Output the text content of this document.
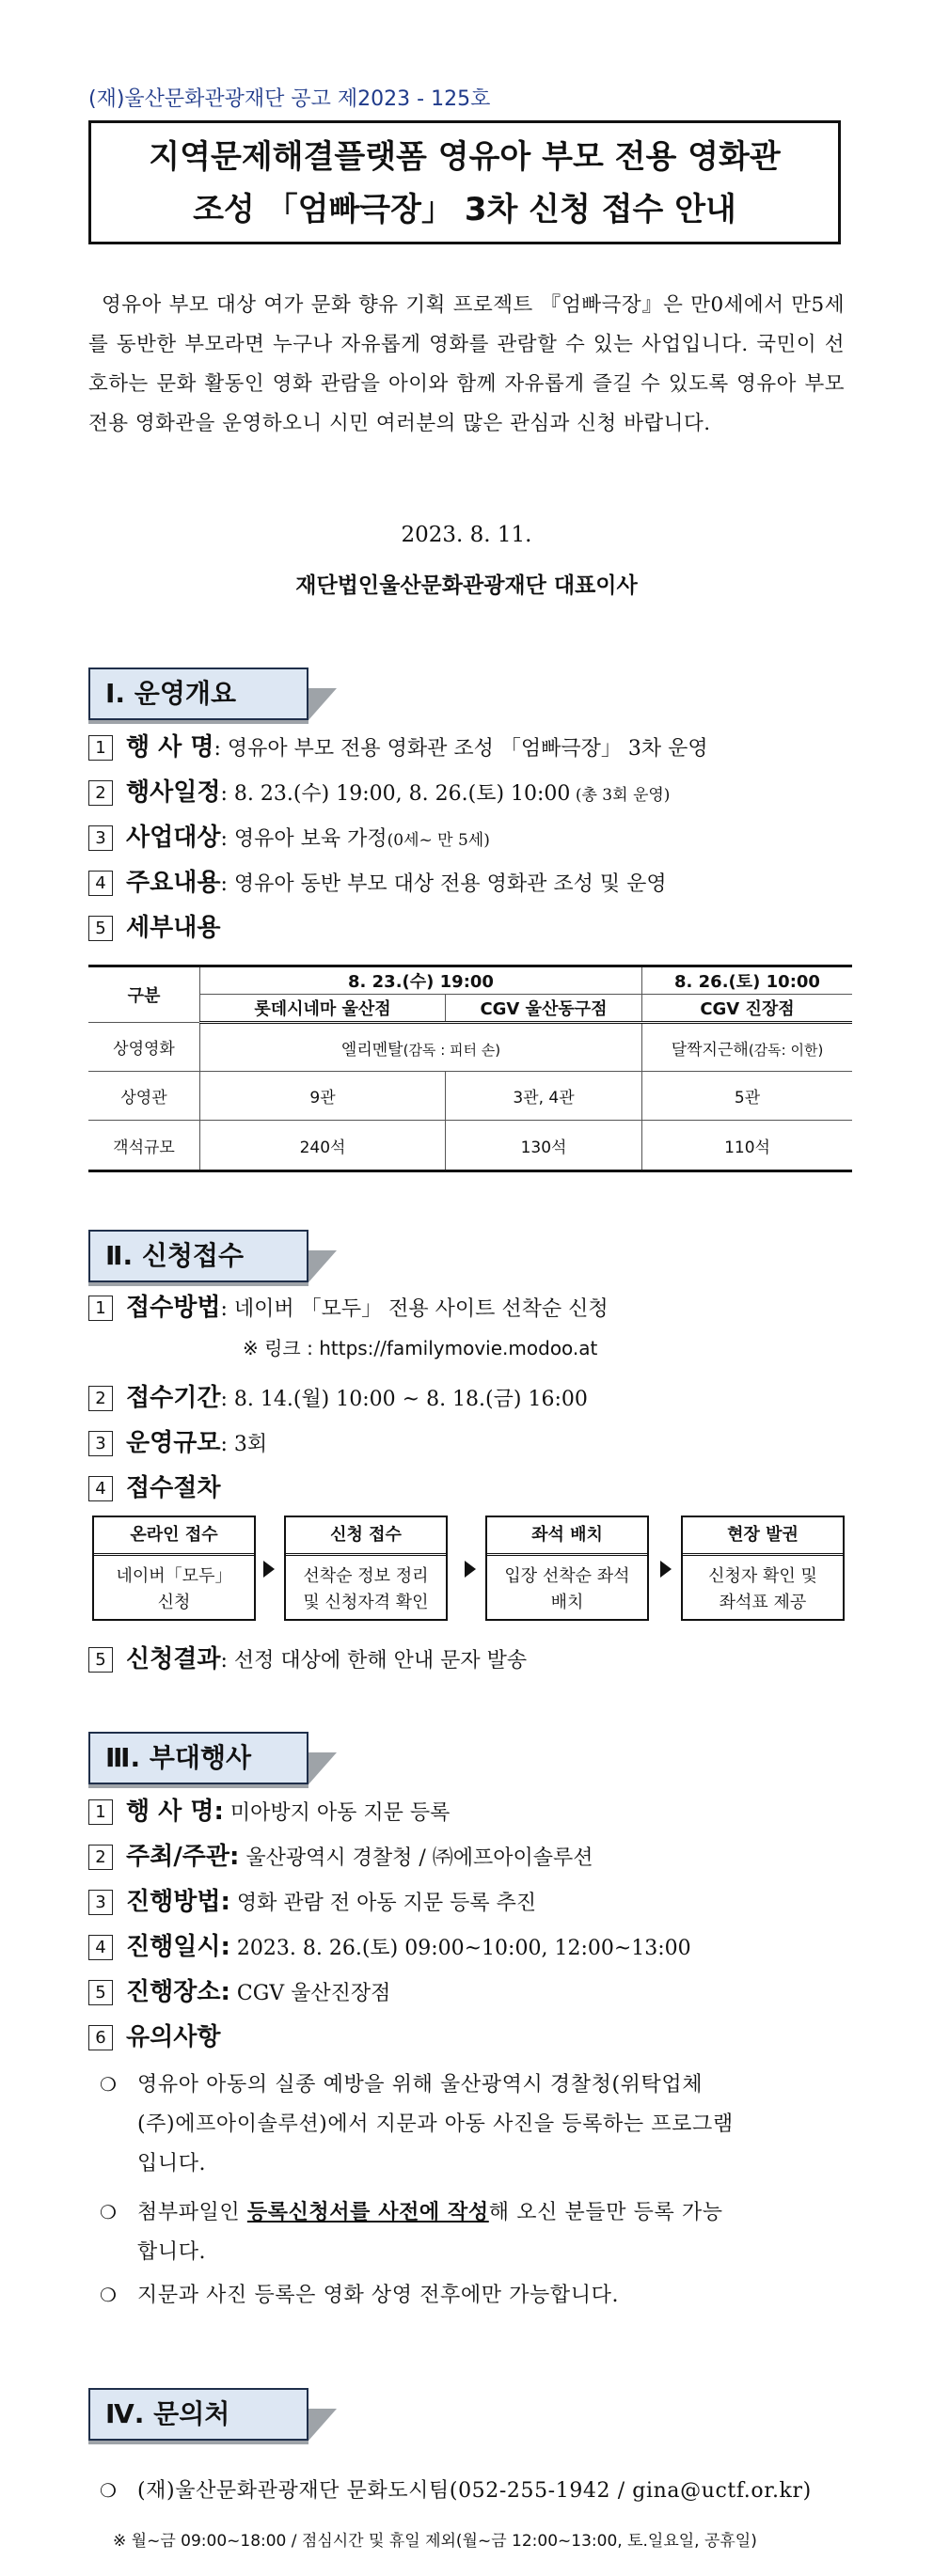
(재)울산문화관광재단 공고 제2023 - 125호
지역문제해결플랫폼 영유아 부모 전용 영화관
조성 「엄빠극장」 3차 신청 접수 안내
영유아 부모 대상 여가 문화 향유 기획 프로젝트 『엄빠극장』은 만0세에서 만5세를 동반한 부모라면 누구나 자유롭게 영화를 관람할 수 있는 사업입니다. 국민이 선호하는 문화 활동인 영화 관람을 아이와 함께 자유롭게 즐길 수 있도록 영유아 부모 전용 영화관을 운영하오니 시민 여러분의 많은 관심과 신청 바랍니다.
2023. 8. 11.
재단법인울산문화관광재단 대표이사
Ⅰ. 운영개요
1 행 사 명: 영유아 부모 전용 영화관 조성 「엄빠극장」 3차 운영
2 행사일정: 8. 23.(수) 19:00, 8. 26.(토) 10:00 (총 3회 운영)
3 사업대상: 영유아 보육 가정(0세~ 만 5세)
4 주요내용: 영유아 동반 부모 대상 전용 영화관 조성 및 운영
5 세부내용
구분	8. 23.(수) 19:00		8. 26.(토) 10:00
	롯데시네마 울산점	CGV 울산동구점	CGV 진장점
상영영화	엘리멘탈(감독 : 피터 손)		달짝지근해(감독: 이한)
상영관	9관	3관, 4관	5관
객석규모	240석	130석	110석
Ⅱ. 신청접수
1 접수방법: 네이버 「모두」 전용 사이트 선착순 신청
※ 링크 : https://familymovie.modoo.at
2 접수기간: 8. 14.(월) 10:00 ~ 8. 18.(금) 16:00
3 운영규모: 3회
4 접수절차
온라인 접수
네이버「모두」
신청
신청 접수
선착순 정보 정리
및 신청자격 확인
좌석 배치
입장 선착순 좌석
배치
현장 발권
신청자 확인 및
좌석표 제공
5 신청결과: 선정 대상에 한해 안내 문자 발송
Ⅲ. 부대행사
1 행 사 명: 미아방지 아동 지문 등록
2 주최/주관: 울산광역시 경찰청 / ㈜에프아이솔루션
3 진행방법: 영화 관람 전 아동 지문 등록 추진
4 진행일시: 2023. 8. 26.(토) 09:00~10:00, 12:00~13:00
5 진행장소: CGV 울산진장점
6 유의사항
❍ 영유아 아동의 실종 예방을 위해 울산광역시 경찰청(위탁업체
(주)에프아이솔루션)에서 지문과 아동 사진을 등록하는 프로그램
입니다.
❍ 첨부파일인 등록신청서를 사전에 작성해 오신 분들만 등록 가능
합니다.
❍ 지문과 사진 등록은 영화 상영 전후에만 가능합니다.
Ⅳ. 문의처
❍ (재)울산문화관광재단 문화도시팀(052-255-1942 / gina@uctf.or.kr)
※ 월~금 09:00~18:00 / 점심시간 및 휴일 제외(월~금 12:00~13:00, 토.일요일, 공휴일)
